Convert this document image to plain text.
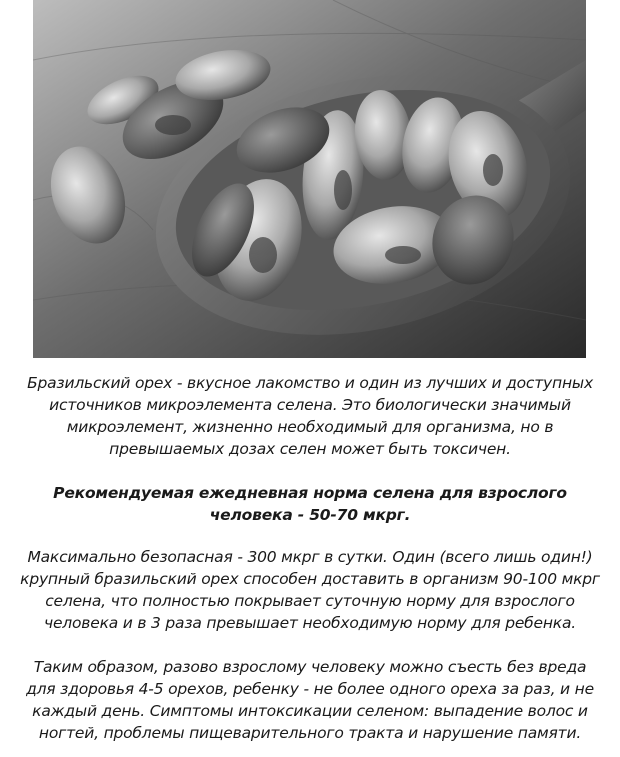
Бразильский орех - вкусное лакомство и один из лучших и доступных источников микроэлемента селена. Это биологически значимый микроэлемент, жизненно необходимый для организма, но в превышаемых дозах селен может быть токсичен.
Рекомендуемая ежедневная норма селена для взрослого человека - 50-70 мкрг.
Максимально безопасная - 300 мкрг в сутки. Один (всего лишь один!) крупный бразильский орех способен доставить в организм 90-100 мкрг селена, что полностью покрывает суточную норму для взрослого человека и в 3 раза превышает необходимую норму для ребенка.
Таким образом, разово взрослому человеку можно съесть без вреда для здоровья 4-5 орехов, ребенку - не более одного ореха за раз, и не каждый день. Симптомы интоксикации селеном: выпадение волос и ногтей, проблемы пищеварительного тракта и нарушение памяти.
